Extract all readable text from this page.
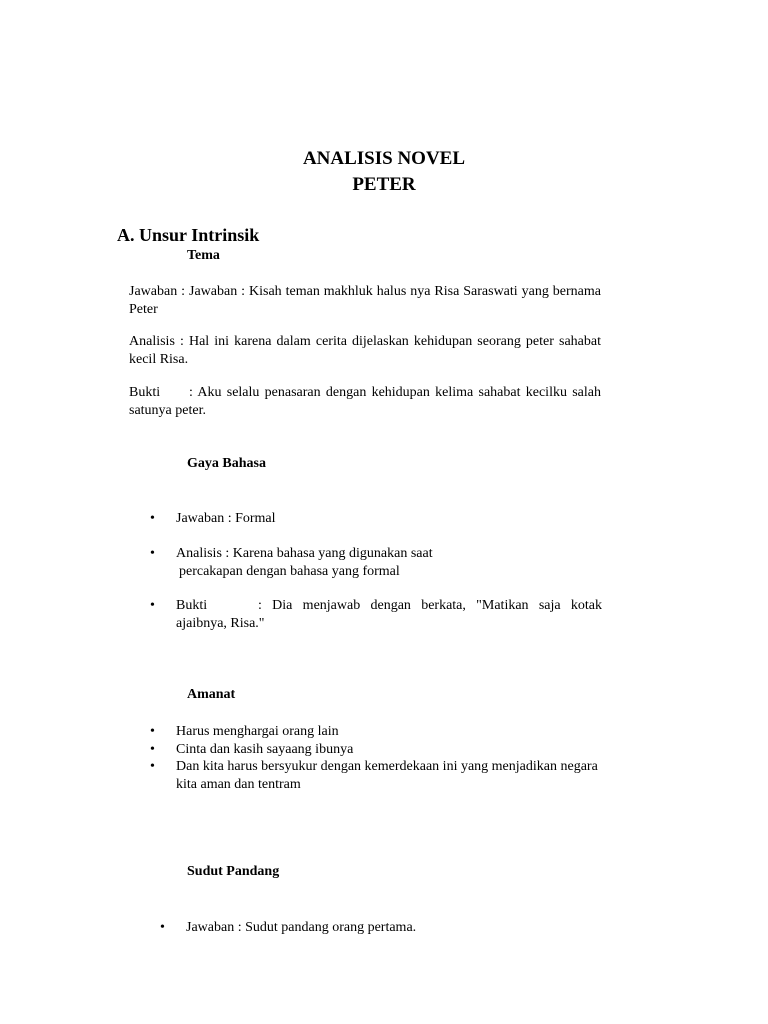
ANALISIS NOVEL
PETER
A. Unsur Intrinsik
Tema
Jawaban : Jawaban : Kisah teman makhluk halus nya Risa Saraswati yang bernama Peter
Analisis : Hal ini karena dalam cerita dijelaskan kehidupan seorang peter sahabat kecil Risa.
Bukti : Aku selalu penasaran dengan kehidupan kelima sahabat kecilku salah satunya peter.
Gaya Bahasa
• Jawaban : Formal
• Analisis : Karena bahasa yang digunakan saat
percakapan dengan bahasa yang formal
• Bukti	: Dia menjawab dengan berkata, "Matikan saja kotak ajaibnya, Risa."
Amanat
• Harus menghargai orang lain
• Cinta dan kasih sayaang ibunya
• Dan kita harus bersyukur dengan kemerdekaan ini yang menjadikan negara kita aman dan tentram
Sudut Pandang
• Jawaban : Sudut pandang orang pertama.
